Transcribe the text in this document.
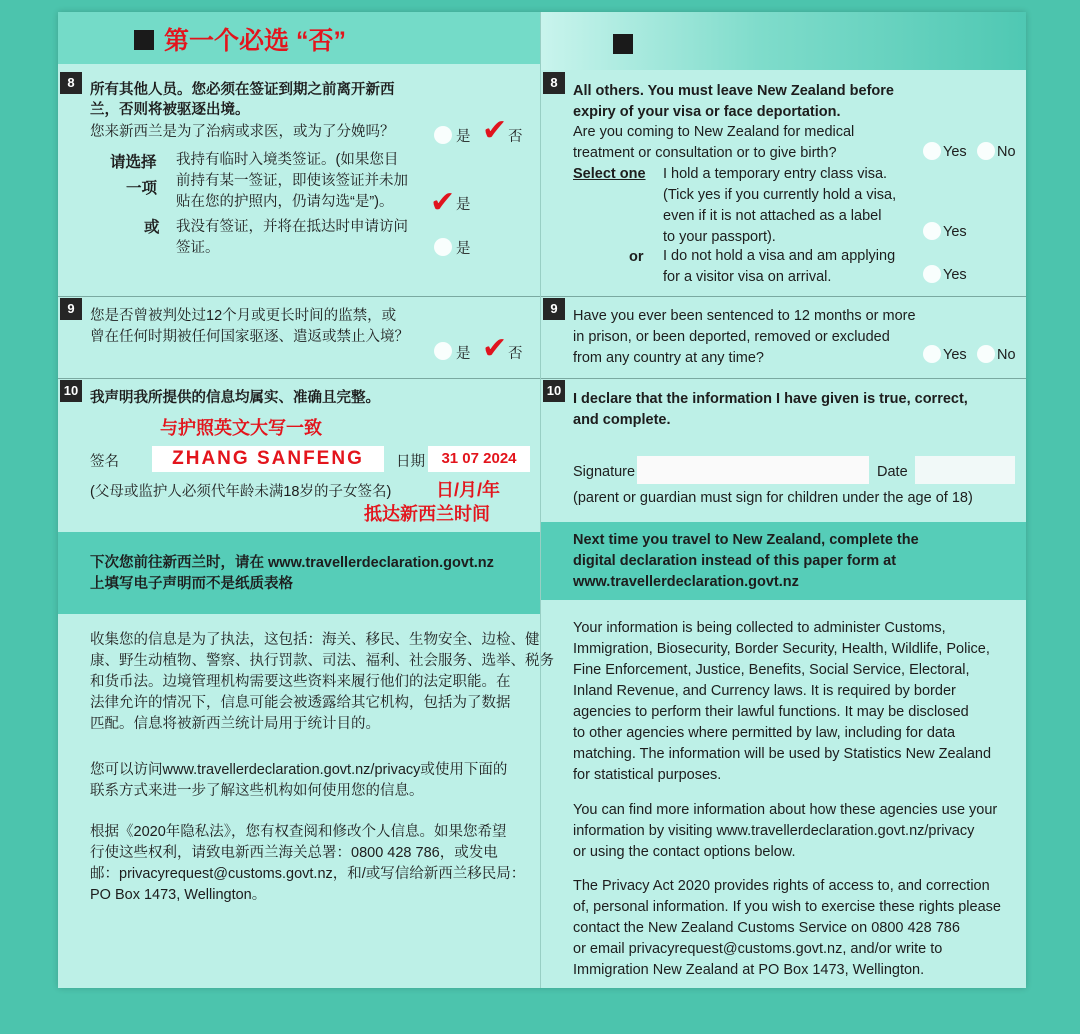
第一个必选 “否”
8	所有其他人员。您必须在签证到期之前离开新西
兰，否则将被驱逐出境。
您来新西兰是为了治病或求医，或为了分娩吗？	是 ✔ 否
请选择
一项
我持有临时入境类签证。(如果您目
前持有某一签证，即使该签证并未加
贴在您的护照内，仍请勾选“是”)。	✔ 是
或 我没有签证，并将在抵达时申请访问
签证。	是
9	您是否曾被判处过12个月或更长时间的监禁，或
曾在任何时期被任何国家驱逐、遣返或禁止入境？
是 ✔ 否
10 我声明我所提供的信息均属实、准确且完整。
与护照英文大写一致
签名	ZHANG SANFENG	日期	31 07 2024
(父母或监护人必须代年龄未满18岁的子女签名) 日/月/年
抵达新西兰时间
下次您前往新西兰时，请在 www.travellerdeclaration.govt.nz
上填写电子声明而不是纸质表格
收集您的信息是为了执法，这包括：海关、移民、生物安全、边检、健
康、野生动植物、警察、执行罚款、司法、福利、社会服务、选举、税务
和货币法。边境管理机构需要这些资料来履行他们的法定职能。在
法律允许的情况下，信息可能会被透露给其它机构，包括为了数据
匹配。信息将被新西兰统计局用于统计目的。
您可以访问www.travellerdeclaration.govt.nz/privacy或使用下面的
联系方式来进一步了解这些机构如何使用您的信息。
根据《2020年隐私法》，您有权查阅和修改个人信息。如果您希望
行使这些权利，请致电新西兰海关总署：0800 428 786，或发电
邮：privacyrequest@customs.govt.nz，和/或写信给新西兰移民局：
PO Box 1473, Wellington。
8
All others. You must leave New Zealand before
expiry of your visa or face deportation.
Are you coming to New Zealand for medical
treatment or consultation or to give birth?	Yes No
Select one I hold a temporary entry class visa.
(Tick yes if you currently hold a visa,
even if it is not attached as a label
to your passport).	Yes
or I do not hold a visa and am applying
for a visitor visa on arrival.	Yes
9	Have you ever been sentenced to 12 months or more
in prison, or been deported, removed or excluded
from any country at any time?	Yes No
10
I declare that the information I have given is true, correct,
and complete.
Signature	Date
(parent or guardian must sign for children under the age of 18)
Next time you travel to New Zealand, complete the
digital declaration instead of this paper form at
www.travellerdeclaration.govt.nz
Your information is being collected to administer Customs,
Immigration, Biosecurity, Border Security, Health, Wildlife, Police,
Fine Enforcement, Justice, Benefits, Social Service, Electoral,
Inland Revenue, and Currency laws. It is required by border
agencies to perform their lawful functions. It may be disclosed
to other agencies where permitted by law, including for data
matching. The information will be used by Statistics New Zealand
for statistical purposes.
You can find more information about how these agencies use your
information by visiting www.travellerdeclaration.govt.nz/privacy
or using the contact options below.
The Privacy Act 2020 provides rights of access to, and correction
of, personal information. If you wish to exercise these rights please
contact the New Zealand Customs Service on 0800 428 786
or email privacyrequest@customs.govt.nz, and/or write to
Immigration New Zealand at PO Box 1473, Wellington.
